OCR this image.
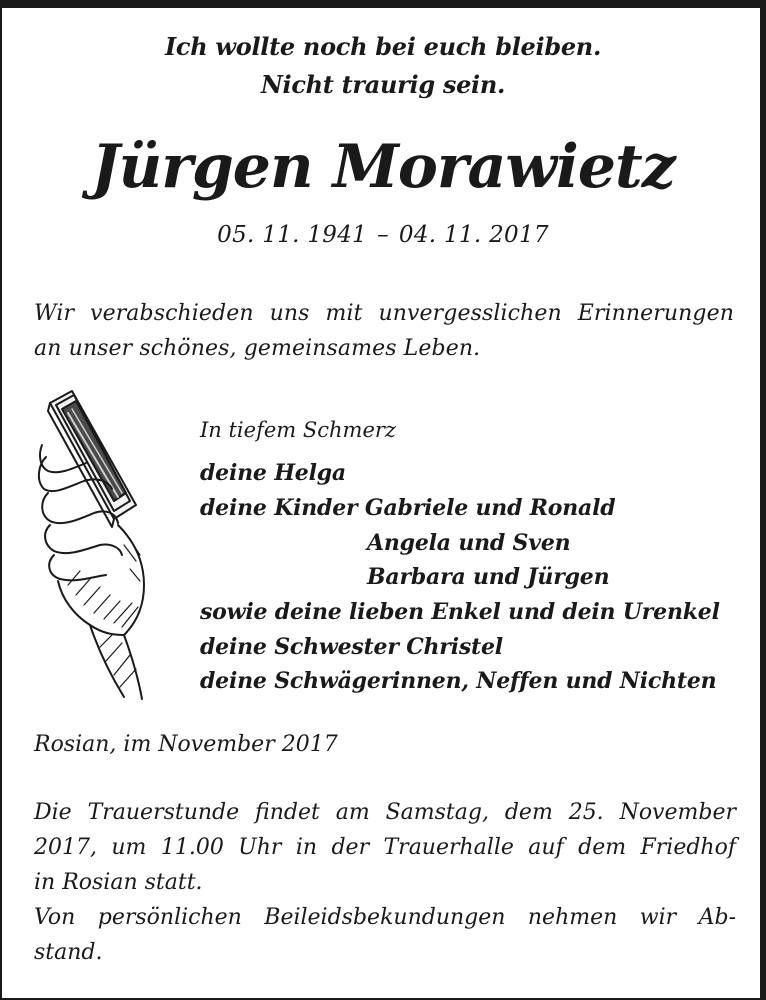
Ich wollte noch bei euch bleiben.
Nicht traurig sein.
Jürgen Morawietz
05. 11. 1941 – 04. 11. 2017
Wir verabschieden uns mit unvergesslichen Erinnerungen
an unser schönes, gemeinsames Leben.
In tiefem Schmerz
deine Helga
deine Kinder Gabriele und Ronald
Angela und Sven
Barbara und Jürgen
sowie deine lieben Enkel und dein Urenkel
deine Schwester Christel
deine Schwägerinnen, Neffen und Nichten
Rosian, im November 2017
Die Trauerstunde findet am Samstag, dem 25. November
2017, um 11.00 Uhr in der Trauerhalle auf dem Friedhof
in Rosian statt.
Von persönlichen Beileidsbekundungen nehmen wir Ab-
stand.
